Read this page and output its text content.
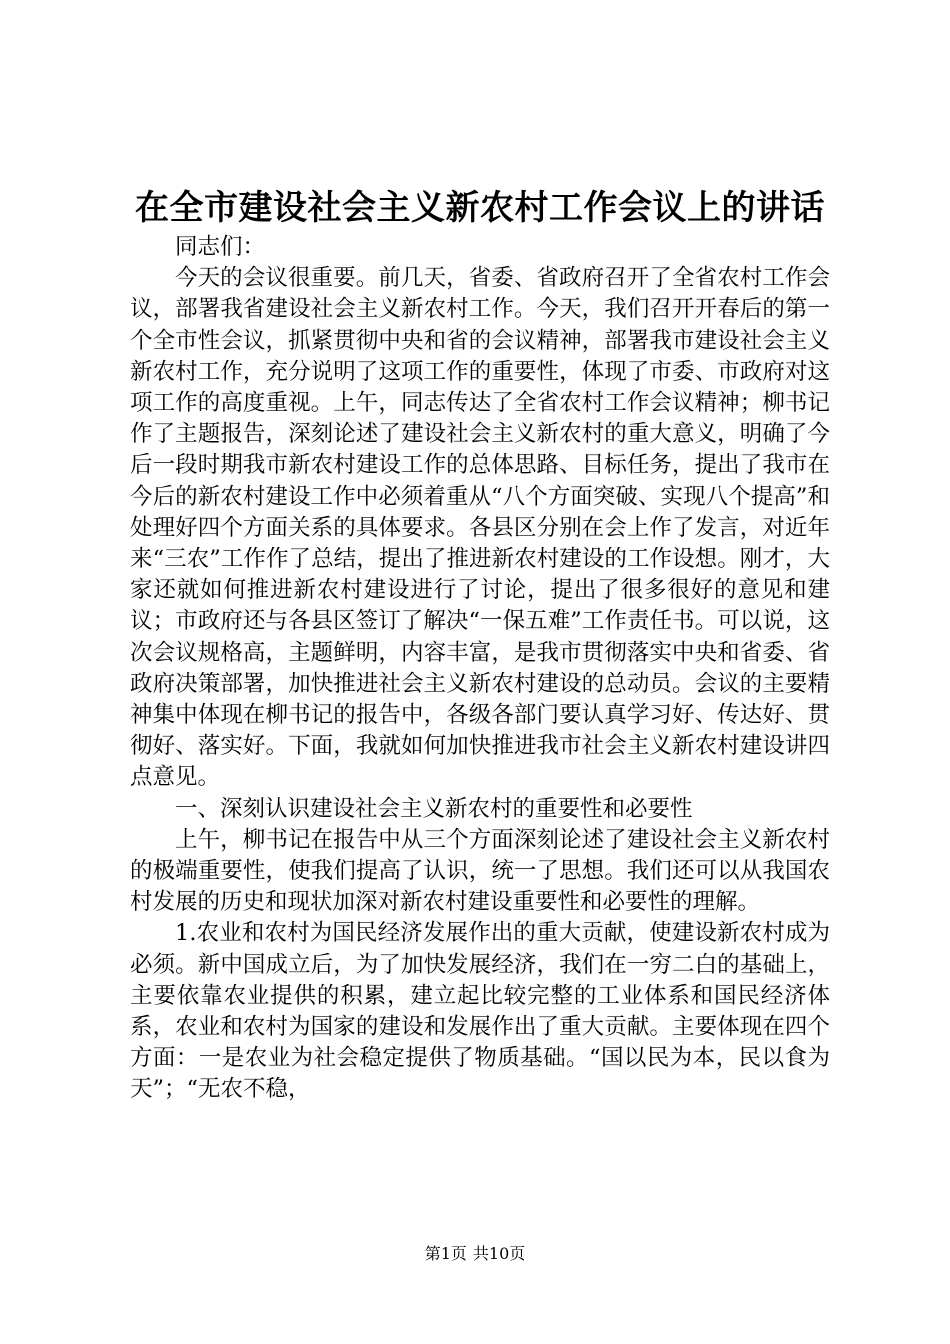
在全市建设社会主义新农村工作会议上的讲话

同志们：

今天的会议很重要。前几天，省委、省政府召开了全省农村工作会议，部署我省建设社会主义新农村工作。今天，我们召开开春后的第一个全市性会议，抓紧贯彻中央和省的会议精神，部署我市建设社会主义新农村工作，充分说明了这项工作的重要性，体现了市委、市政府对这项工作的高度重视。上午，同志传达了全省农村工作会议精神；柳书记作了主题报告，深刻论述了建设社会主义新农村的重大意义，明确了今后一段时期我市新农村建设工作的总体思路、目标任务，提出了我市在今后的新农村建设工作中必须着重从“八个方面突破、实现八个提高”和处理好四个方面关系的具体要求。各县区分别在会上作了发言，对近年来“三农”工作作了总结，提出了推进新农村建设的工作设想。刚才，大家还就如何推进新农村建设进行了讨论，提出了很多很好的意见和建议；市政府还与各县区签订了解决“一保五难”工作责任书。可以说，这次会议规格高，主题鲜明，内容丰富，是我市贯彻落实中央和省委、省政府决策部署，加快推进社会主义新农村建设的总动员。会议的主要精神集中体现在柳书记的报告中，各级各部门要认真学习好、传达好、贯彻好、落实好。下面，我就如何加快推进我市社会主义新农村建设讲四点意见。

一、深刻认识建设社会主义新农村的重要性和必要性

上午，柳书记在报告中从三个方面深刻论述了建设社会主义新农村的极端重要性，使我们提高了认识，统一了思想。我们还可以从我国农村发展的历史和现状加深对新农村建设重要性和必要性的理解。

1.农业和农村为国民经济发展作出的重大贡献，使建设新农村成为必须。新中国成立后，为了加快发展经济，我们在一穷二白的基础上，主要依靠农业提供的积累，建立起比较完整的工业体系和国民经济体系，农业和农村为国家的建设和发展作出了重大贡献。主要体现在四个方面：一是农业为社会稳定提供了物质基础。“国以民为本，民以食为天”；“无农不稳，

第1页 共10页
